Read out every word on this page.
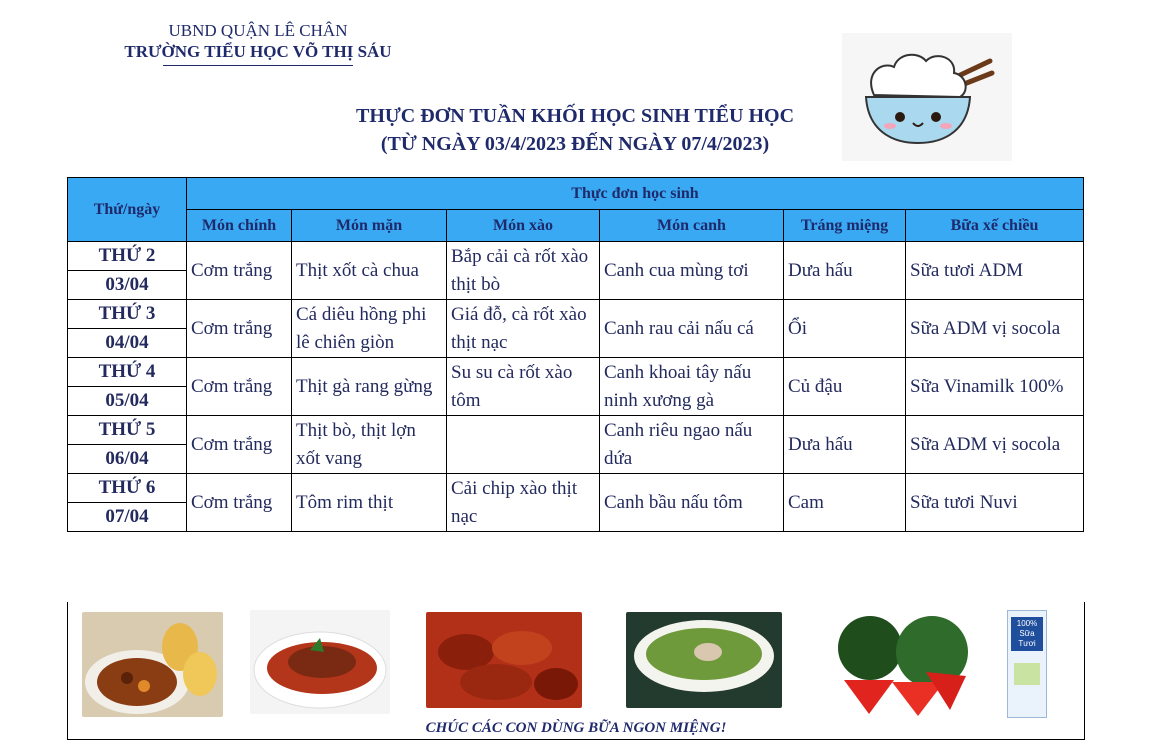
UBND QUẬN LÊ CHÂN
TRƯỜNG TIỂU HỌC VÕ THỊ SÁU
THỰC ĐƠN TUẦN KHỐI HỌC SINH TIỂU HỌC
(TỪ NGÀY 03/4/2023 ĐẾN NGÀY 07/4/2023)
Thứ/ngày	Thực đơn học sinh					
	Món chính	Món mặn	Món xào	Món canh	Tráng miệng	Bữa xế chiều
THỨ 2	Cơm trắng	Thịt xốt cà chua	Bắp cải cà rốt xào thịt bò	Canh cua mùng tơi	Dưa hấu	Sữa tươi ADM
03/04						
THỨ 3	Cơm trắng	Cá diêu hồng phi lê chiên giòn	Giá đỗ, cà rốt xào thịt nạc	Canh rau cải nấu cá	Ổi	Sữa ADM vị socola
04/04						
THỨ 4	Cơm trắng	Thịt gà rang gừng	Su su cà rốt xào tôm	Canh khoai tây nấu ninh xương gà	Củ đậu	Sữa Vinamilk 100%
05/04						
THỨ 5	Cơm trắng	Thịt bò, thịt lợn xốt vang		Canh riêu ngao nấu dứa	Dưa hấu	Sữa ADM vị socola
06/04						
THỨ 6	Cơm trắng	Tôm rim thịt	Cải chip xào thịt nạc	Canh bầu nấu tôm	Cam	Sữa tươi Nuvi
07/04						
100%
Sữa
Tươi
CHÚC CÁC CON DÙNG BỮA NGON MIỆNG!
